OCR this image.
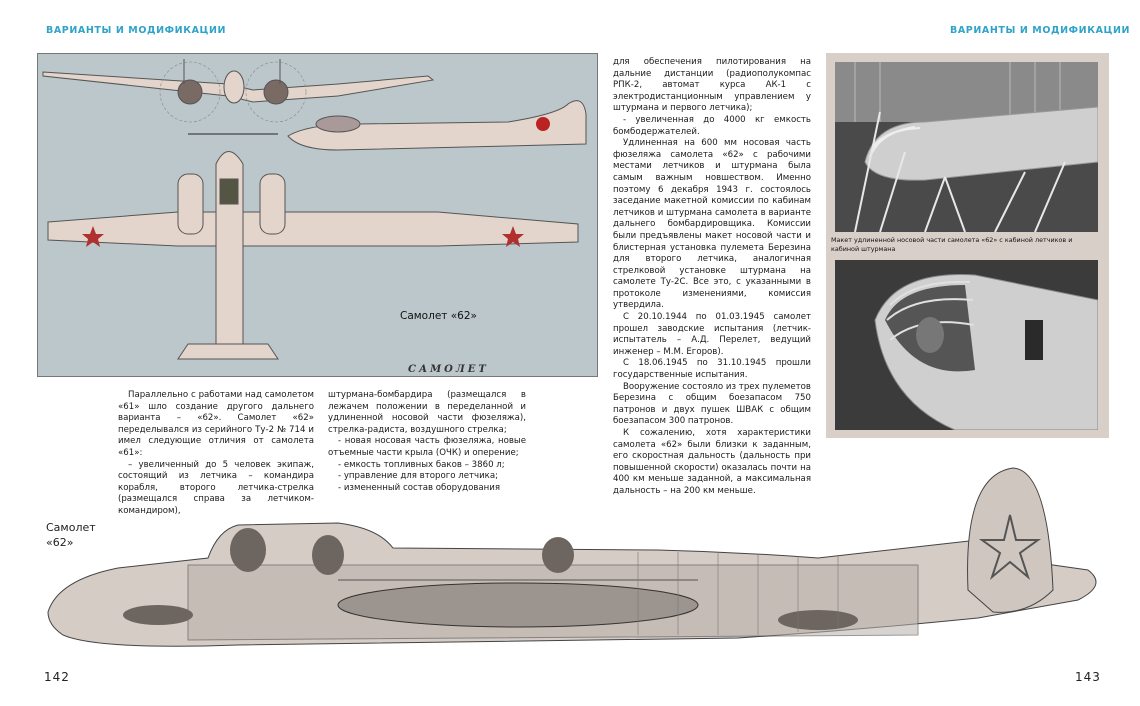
ВАРИАНТЫ И МОДИФИКАЦИИ	ВАРИАНТЫ И МОДИФИКАЦИИ
Самолет «62»
САМОЛЕТ

Параллельно с работами над самолетом «61» шло создание другого дальнего варианта – «62». Самолет «62» переделывался из серийного Ту-2 № 714 и имел следующие отличия от самолета «61»:

– увеличенный до 5 человек экипаж, состоящий из летчика – командира корабля, второго летчика-стрелка (размещался справа за летчиком-командиром),

штурмана-бомбардира (размещался в лежачем положении в переделанной и удлиненной носовой части фюзеляжа), стрелка-радиста, воздушного стрелка;

- новая носовая часть фюзеляжа, новые отъемные части крыла (ОЧК) и оперение;

- емкость топливных баков – 3860 л;

- управление для второго летчика;

- измененный состав оборудования

для обеспечения пилотирования на дальние дистанции (радиополукомпас РПК-2, автомат курса АК-1 с электродистанционным управлением у штурмана и первого летчика);

- увеличенная до 4000 кг емкость бомбодержателей.

Удлиненная на 600 мм носовая часть фюзеляжа самолета «62» с рабочими местами летчиков и штурмана была самым важным новшеством. Именно поэтому 6 декабря 1943 г. состоялось заседание макетной комиссии по кабинам летчиков и штурмана самолета в варианте дальнего бомбардировщика. Комиссии были предъявлены макет носовой части и блистерная установка пулемета Березина для второго летчика, аналогичная стрелковой установке штурмана на самолете Ту-2С. Все это, с указанными в протоколе изменениями, комиссия утвердила.

С 20.10.1944 по 01.03.1945 самолет прошел заводские испытания (летчик-испытатель – А.Д. Перелет, ведущий инженер – М.М. Егоров).

С 18.06.1945 по 31.10.1945 прошли государственные испытания.

Вооружение состояло из трех пулеметов Березина с общим боезапасом 750 патронов и двух пушек ШВАК с общим боезапасом 300 патронов.

К сожалению, хотя характеристики самолета «62» были близки к заданным, его скоростная дальность (дальность при повышенной скорости) оказалась почти на 400 км меньше заданной, а максимальная дальность – на 200 км меньше.

Макет удлиненной носовой части самолета «62» с кабиной летчиков и кабиной штурмана
Самолет
«62»
142	143
